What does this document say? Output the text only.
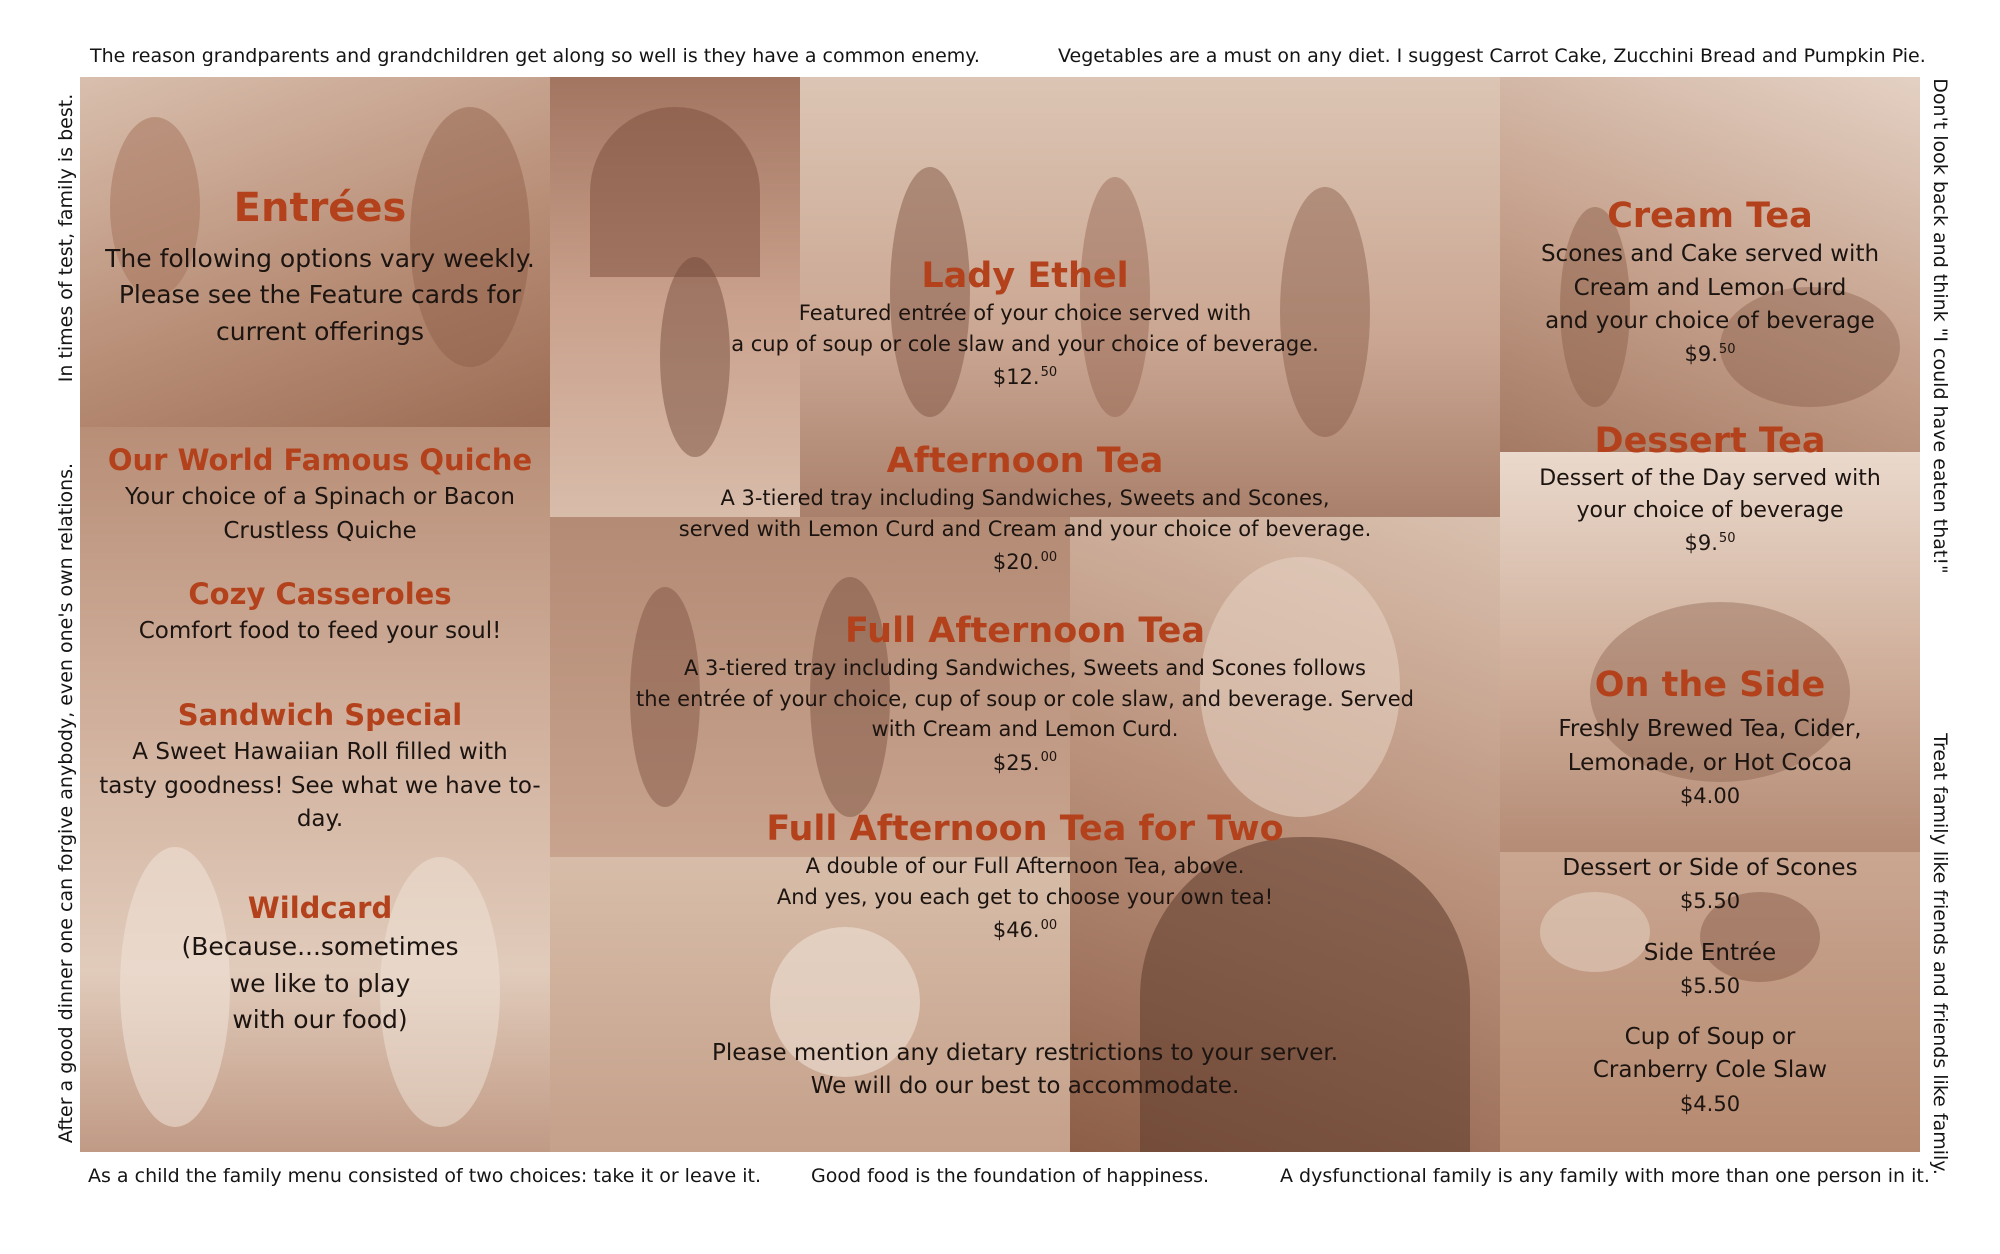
The reason grandparents and grandchildren get along so well is they have a common enemy.	Vegetables are a must on any diet. I suggest Carrot Cake, Zucchini Bread and Pumpkin Pie.
As a child the family menu consisted of two choices: take it or leave it.	Good food is the foundation of happiness.	A dysfunctional family is any family with more than one person in it.
In times of test, family is best.
After a good dinner one can forgive anybody, even one's own relations.
Don't look back and think "I could have eaten that!"
Treat family like friends and friends like family.
Entrées
The following options vary weekly.
Please see the Feature cards for
current offerings
Our World Famous Quiche
Your choice of a Spinach or Bacon
Crustless Quiche
Cozy Casseroles
Comfort food to feed your soul!
Sandwich Special
A Sweet Hawaiian Roll filled with
tasty goodness! See what we have to-
day.
Wildcard
(Because...sometimes
we like to play
with our food)
Lady Ethel
Featured entrée of your choice served with
a cup of soup or cole slaw and your choice of beverage.
$12.50
Afternoon Tea
A 3-tiered tray including Sandwiches, Sweets and Scones,
served with Lemon Curd and Cream and your choice of beverage.
$20.00
Full Afternoon Tea
A 3-tiered tray including Sandwiches, Sweets and Scones follows
the entrée of your choice, cup of soup or cole slaw, and beverage. Served
with Cream and Lemon Curd.
$25.00
Full Afternoon Tea for Two
A double of our Full Afternoon Tea, above.
And yes, you each get to choose your own tea!
$46.00
Please mention any dietary restrictions to your server.
We will do our best to accommodate.
Cream Tea
Scones and Cake served with
Cream and Lemon Curd
and your choice of beverage
$9.50
Dessert Tea
Dessert of the Day served with
your choice of beverage
$9.50
On the Side
Freshly Brewed Tea, Cider,
Lemonade, or Hot Cocoa
$4.00
Dessert or Side of Scones
$5.50
Side Entrée
$5.50
Cup of Soup or
Cranberry Cole Slaw
$4.50
